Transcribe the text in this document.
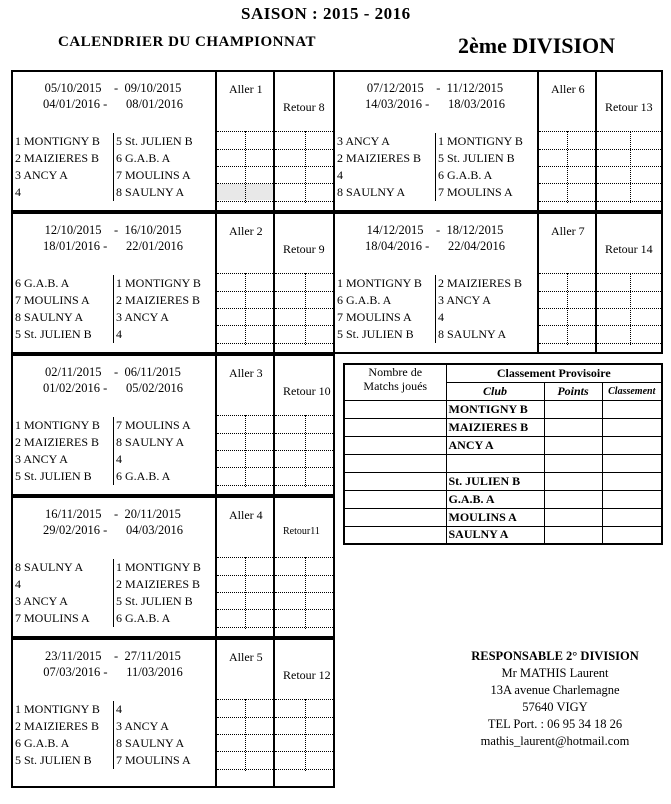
SAISON : 2015 - 2016
CALENDRIER DU CHAMPIONNAT	2ème DIVISION
05/10/2015    -  09/10/2015
04/01/2016 -      08/01/2016
1 MONTIGNY B	5 St. JULIEN B
2 MAIZIERES B	6 G.A.B. A
3 ANCY A	7 MOULINS A
4	8 SAULNY A
Aller 1
Retour 8
12/10/2015    -  16/10/2015
18/01/2016 -      22/01/2016
6 G.A.B. A	1 MONTIGNY B
7 MOULINS A	2 MAIZIERES B
8 SAULNY A	3 ANCY A
5 St. JULIEN B	4
Aller 2
Retour 9
02/11/2015    -  06/11/2015
01/02/2016 -      05/02/2016
1 MONTIGNY B	7 MOULINS A
2 MAIZIERES B	8 SAULNY A
3 ANCY A	4
5 St. JULIEN B	6 G.A.B. A
Aller 3
Retour 10
16/11/2015    -  20/11/2015
29/02/2016 -      04/03/2016
8 SAULNY A	1 MONTIGNY B
4	2 MAIZIERES B
3 ANCY A	5 St. JULIEN B
7 MOULINS A	6 G.A.B. A
Aller 4
Retour11
23/11/2015    -  27/11/2015
07/03/2016 -      11/03/2016
1 MONTIGNY B	4
2 MAIZIERES B	3 ANCY A
6 G.A.B. A	8 SAULNY A
5 St. JULIEN B	7 MOULINS A
Aller 5
Retour 12
07/12/2015    -  11/12/2015
14/03/2016 -      18/03/2016
3 ANCY A	1 MONTIGNY B
2 MAIZIERES B	5 St. JULIEN B
4	6 G.A.B. A
8 SAULNY A	7 MOULINS A
Aller 6
Retour 13
14/12/2015    -  18/12/2015
18/04/2016 -      22/04/2016
1 MONTIGNY B	2 MAIZIERES B
6 G.A.B. A	3 ANCY A
7 MOULINS A	4
5 St. JULIEN B	8 SAULNY A
Aller 7
Retour 14
Nombre de
Matchs joués	Classement Provisoire		
	Club	Points	Classement
	MONTIGNY B		
	MAIZIERES B		
	ANCY A		

	St. JULIEN B		
	G.A.B. A		
	MOULINS A		
	SAULNY A		
RESPONSABLE 2° DIVISION
Mr MATHIS Laurent
13A avenue Charlemagne
57640 VIGY
TEL Port. : 06 95 34 18 26
mathis_laurent@hotmail.com
